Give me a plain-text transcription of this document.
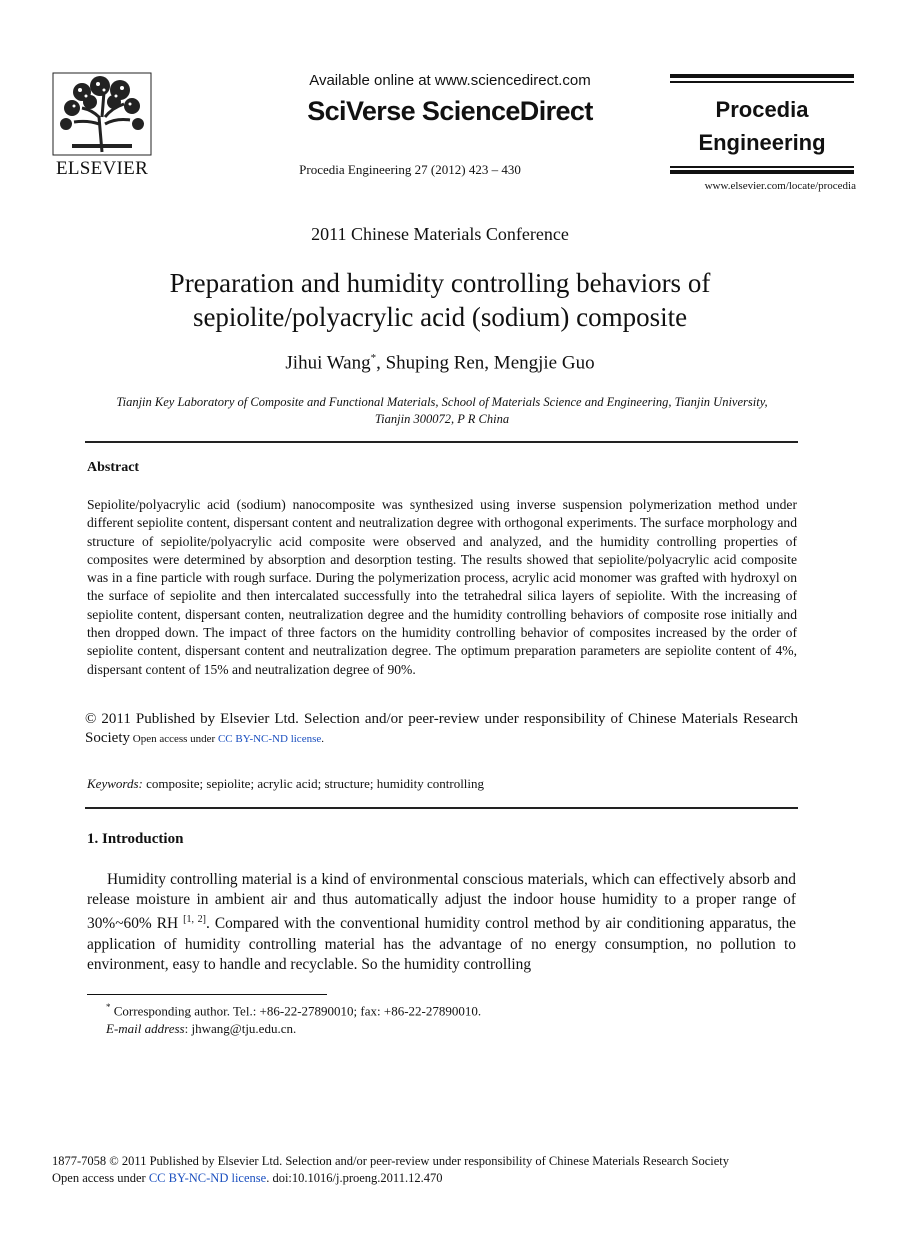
ELSEVIER
Available online at www.sciencedirect.com
SciVerse ScienceDirect
Procedia Engineering 27 (2012) 423 – 430
Procedia
Engineering
www.elsevier.com/locate/procedia
2011 Chinese Materials Conference
Preparation and humidity controlling behaviors of sepiolite/polyacrylic acid (sodium) composite
Jihui Wang*, Shuping Ren, Mengjie Guo
Tianjin Key Laboratory of Composite and Functional Materials, School of Materials Science and Engineering, Tianjin University,
Tianjin 300072, P R China
Abstract
Sepiolite/polyacrylic acid (sodium) nanocomposite was synthesized using inverse suspension polymerization method under different sepiolite content, dispersant content and neutralization degree with orthogonal experiments. The surface morphology and structure of sepiolite/polyacrylic acid composite were observed and analyzed, and the humidity controlling properties of composites were determined by absorption and desorption testing. The results showed that sepiolite/polyacrylic acid composite was in a fine particle with rough surface. During the polymerization process, acrylic acid monomer was grafted with hydroxyl on the surface of sepiolite and then intercalated successfully into the tetrahedral silica layers of sepiolite. With the increasing of sepiolite content, dispersant conten, neutralization degree and the humidity controlling behaviors of composite rose initially and then dropped down. The impact of three factors on the humidity controlling behavior of composites increased by the order of sepiolite content, dispersant content and neutralization degree. The optimum preparation parameters are sepiolite content of 4%, dispersant content of 15% and neutralization degree of 90%.
© 2011 Published by Elsevier Ltd. Selection and/or peer-review under responsibility of Chinese Materials Research Society Open access under CC BY-NC-ND license.
Keywords: composite; sepiolite; acrylic acid; structure; humidity controlling
1. Introduction
Humidity controlling material is a kind of environmental conscious materials, which can effectively absorb and release moisture in ambient air and thus automatically adjust the indoor house humidity to a proper range of 30%~60% RH [1, 2]. Compared with the conventional humidity control method by air conditioning apparatus, the application of humidity controlling material has the advantage of no energy consumption, no pollution to environment, easy to handle and recyclable. So the humidity controlling
* Corresponding author. Tel.: +86-22-27890010; fax: +86-22-27890010.
E-mail address: jhwang@tju.edu.cn.
1877-7058 © 2011 Published by Elsevier Ltd. Selection and/or peer-review under responsibility of Chinese Materials Research Society
Open access under CC BY-NC-ND license. doi:10.1016/j.proeng.2011.12.470
